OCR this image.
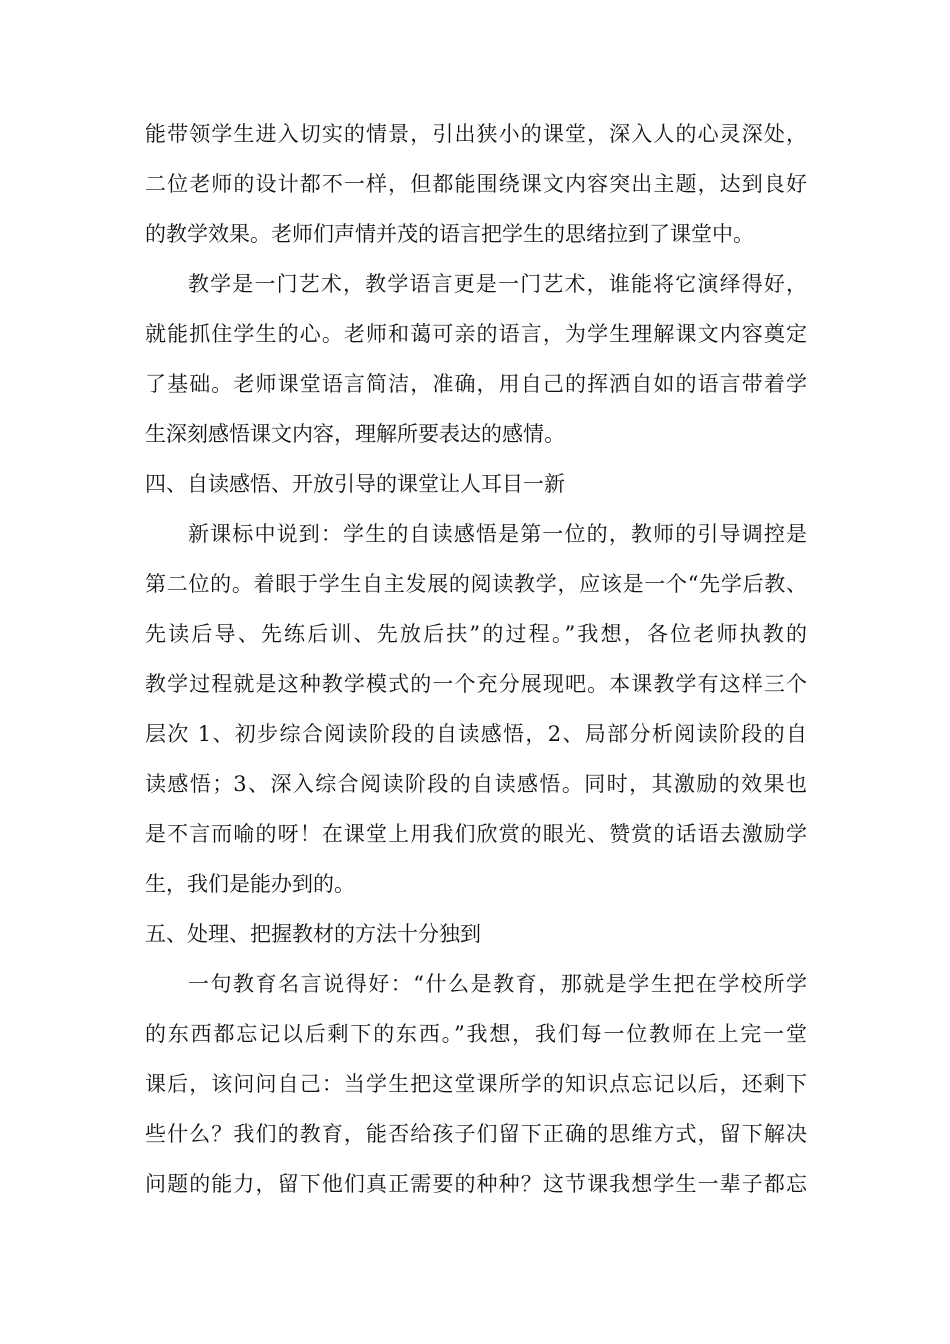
能带领学生进入切实的情景，引出狭小的课堂，深入人的心灵深处，
二位老师的设计都不一样，但都能围绕课文内容突出主题，达到良好
的教学效果。老师们声情并茂的语言把学生的思绪拉到了课堂中。
教学是一门艺术，教学语言更是一门艺术，谁能将它演绎得好，
就能抓住学生的心。老师和蔼可亲的语言，为学生理解课文内容奠定
了基础。老师课堂语言简洁，准确，用自己的挥洒自如的语言带着学
生深刻感悟课文内容，理解所要表达的感情。
四、自读感悟、开放引导的课堂让人耳目一新
新课标中说到：学生的自读感悟是第一位的，教师的引导调控是
第二位的。着眼于学生自主发展的阅读教学，应该是一个“先学后教、
先读后导、先练后训、先放后扶”的过程。”我想，各位老师执教的
教学过程就是这种教学模式的一个充分展现吧。本课教学有这样三个
层次 1、初步综合阅读阶段的自读感悟，2、局部分析阅读阶段的自
读感悟；3、深入综合阅读阶段的自读感悟。同时，其激励的效果也
是不言而喻的呀！在课堂上用我们欣赏的眼光、赞赏的话语去激励学
生，我们是能办到的。
五、处理、把握教材的方法十分独到
一句教育名言说得好：“什么是教育，那就是学生把在学校所学
的东西都忘记以后剩下的东西。”我想，我们每一位教师在上完一堂
课后，该问问自己：当学生把这堂课所学的知识点忘记以后，还剩下
些什么？我们的教育，能否给孩子们留下正确的思维方式，留下解决
问题的能力，留下他们真正需要的种种？这节课我想学生一辈子都忘
